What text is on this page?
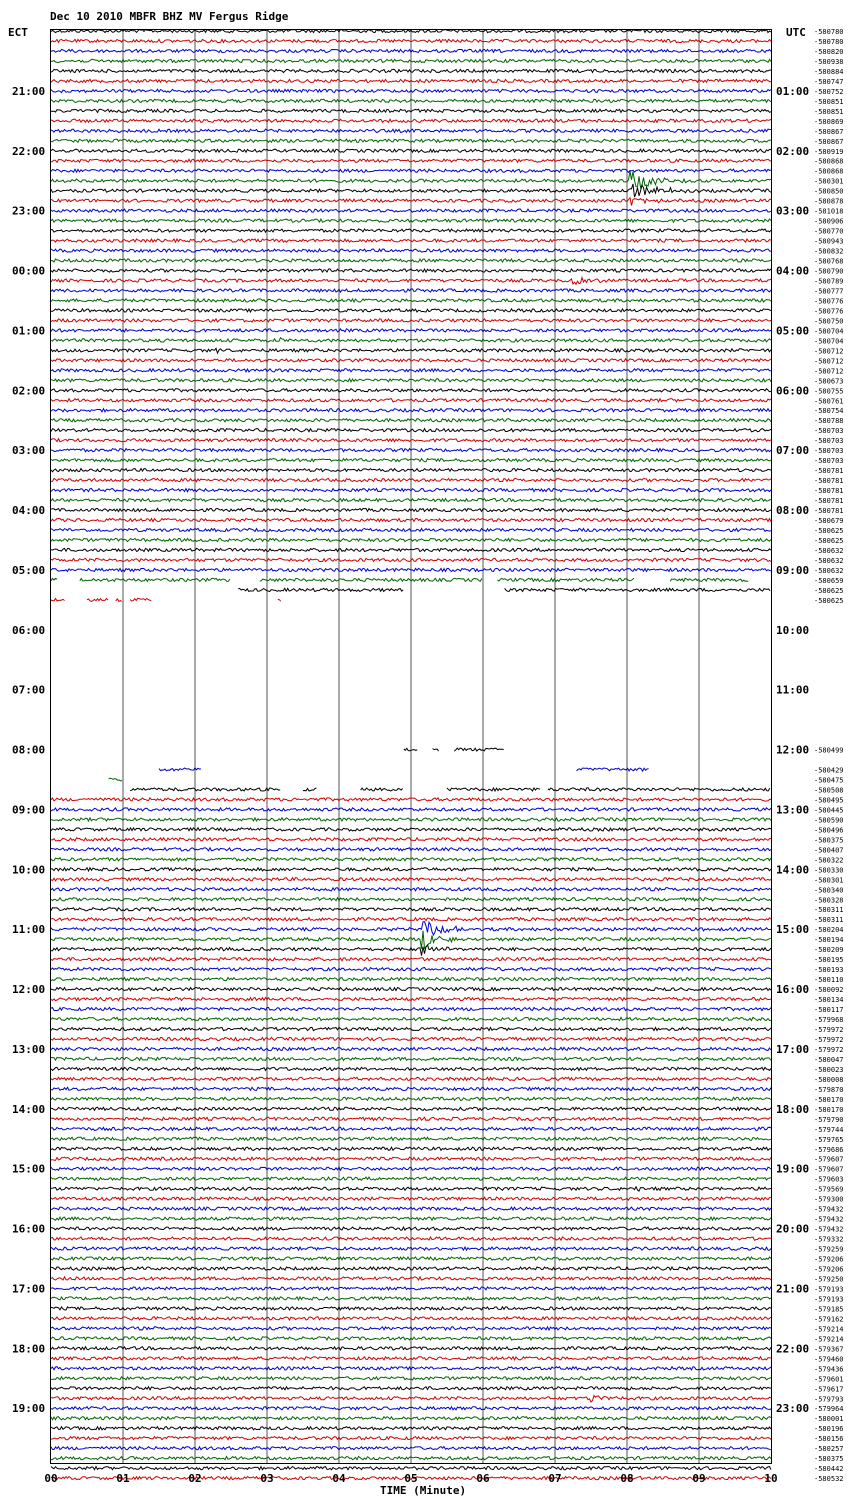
Dec 10 2010 MBFR BHZ MV Fergus Ridge
ECT	UTC
21:00
22:00
23:00
00:00
01:00
02:00
03:00
04:00
05:00
06:00
07:00
08:00
09:00
10:00
11:00
12:00
13:00
14:00
15:00
16:00
17:00
18:00
19:00
01:00
02:00
03:00
04:00
05:00
06:00
07:00
08:00
09:00
10:00
11:00
12:00
13:00
14:00
15:00
16:00
17:00
18:00
19:00
20:00
21:00
22:00
23:00
-580780
-580780
-580820
-580938
-580884
-580747
-580752
-580851
-580851
-580869
-580867
-580867
-580919
-580868
-580868
-580301
-580850
-580878
-581018
-580906
-580770
-580943
-580832
-580768
-580790
-580789
-580777
-580776
-580776
-580750
-580704
-580704
-580712
-580712
-580712
-580673
-580755
-580761
-580754
-580788
-580703
-580703
-580703
-580703
-580781
-580781
-580781
-580781
-580781
-580679
-580625
-580625
-580632
-580632
-580632
-580659
-580625
-580625
-580499
-580429
-580475
-580508
-580495
-580445
-580590
-580496
-580375
-580407
-580322
-580330
-580301
-580340
-580328
-580311
-580311
-580204
-580194
-580209
-580195
-580193
-580110
-580092
-580134
-580117
-579968
-579972
-579972
-579972
-580047
-580023
-580008
-579870
-580170
-580170
-579790
-579744
-579765
-579686
-579607
-579607
-579603
-579569
-579300
-579432
-579432
-579432
-579332
-579259
-579206
-579206
-579250
-579193
-579193
-579185
-579162
-579214
-579214
-579367
-579460
-579436
-579601
-579617
-579793
-579964
-580001
-580196
-580156
-580257
-580375
-580442
-580532
00	01	02	03	04	05	06	07	08	09	10
TIME (Minute)
